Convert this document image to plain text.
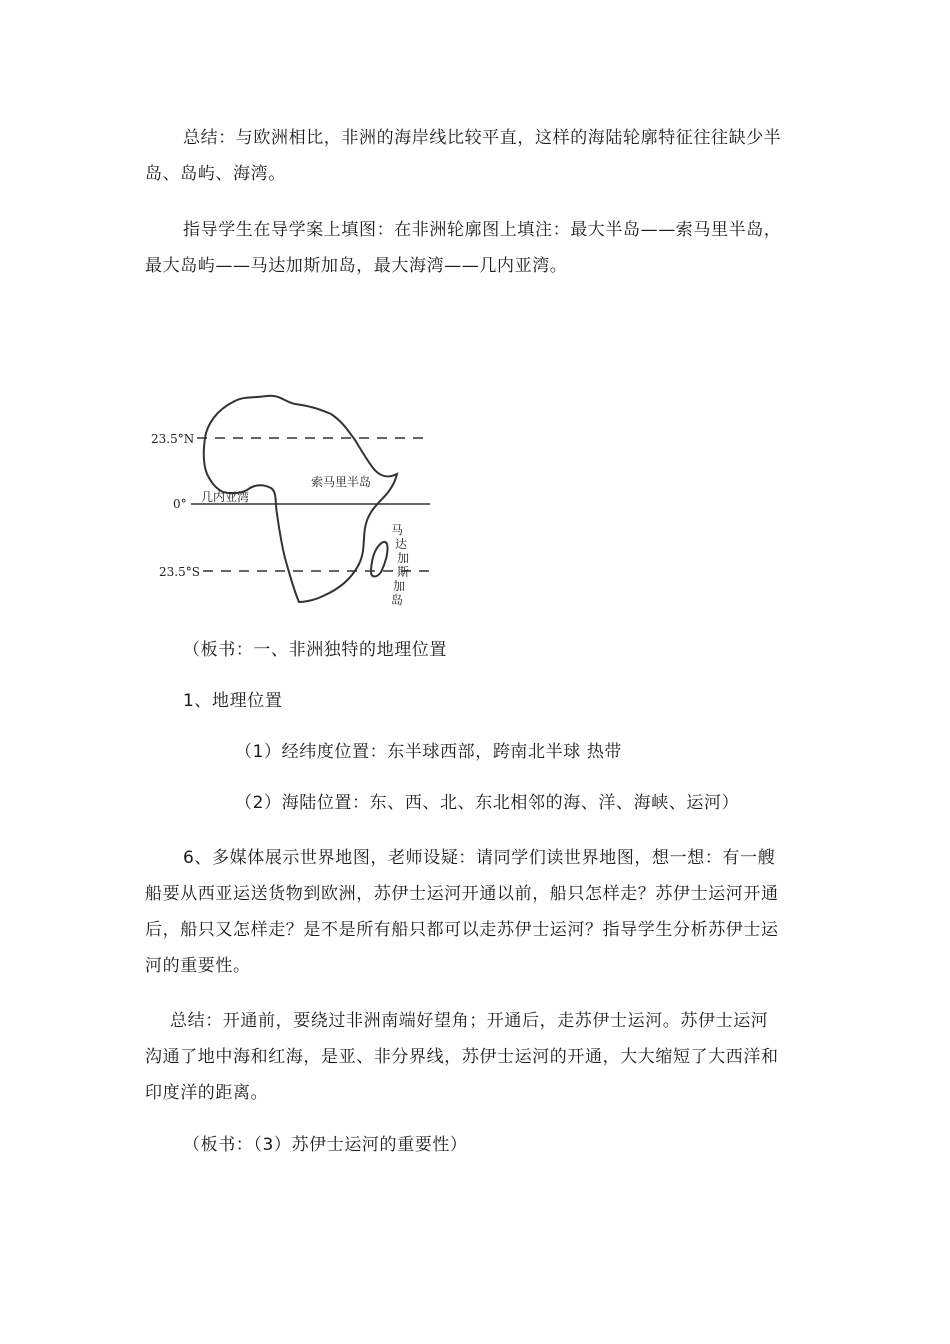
总结：与欧洲相比，非洲的海岸线比较平直，这样的海陆轮廓特征往往缺少半
岛、岛屿、海湾。
指导学生在导学案上填图：在非洲轮廓图上填注：最大半岛——索马里半岛，
最大岛屿——马达加斯加岛，最大海湾——几内亚湾。
23.5°N
0°
23.5°S
几内亚湾
索马里半岛
马
达
加
斯
加
岛
（板书：一、非洲独特的地理位置
1、地理位置
（1）经纬度位置：东半球西部，跨南北半球 热带
（2）海陆位置：东、西、北、东北相邻的海、洋、海峡、运河）
6、多媒体展示世界地图，老师设疑：请同学们读世界地图，想一想：有一艘
船要从西亚运送货物到欧洲，苏伊士运河开通以前，船只怎样走？苏伊士运河开通
后，船只又怎样走？是不是所有船只都可以走苏伊士运河？指导学生分析苏伊士运
河的重要性。
总结：开通前，要绕过非洲南端好望角；开通后，走苏伊士运河。苏伊士运河
沟通了地中海和红海，是亚、非分界线，苏伊士运河的开通，大大缩短了大西洋和
印度洋的距离。
（板书：（3）苏伊士运河的重要性）
